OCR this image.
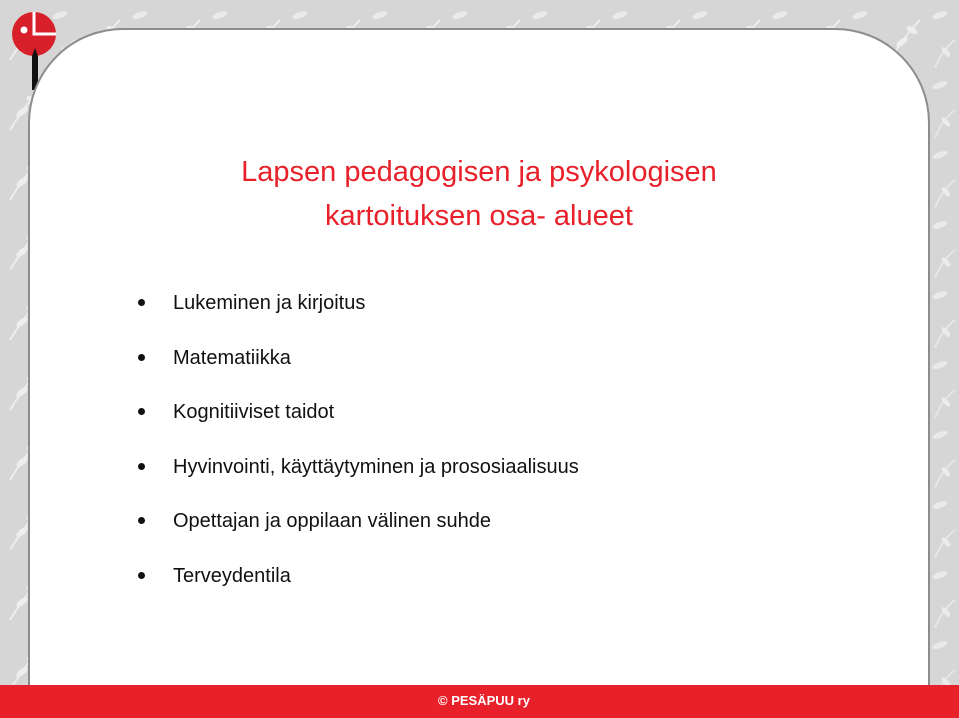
Lapsen pedagogisen ja psykologisen
kartoituksen osa- alueet
Lukeminen ja kirjoitus
Matematiikka
Kognitiiviset taidot
Hyvinvointi, käyttäytyminen ja prososiaalisuus
Opettajan ja oppilaan välinen suhde
Terveydentila
© PESÄPUU ry
